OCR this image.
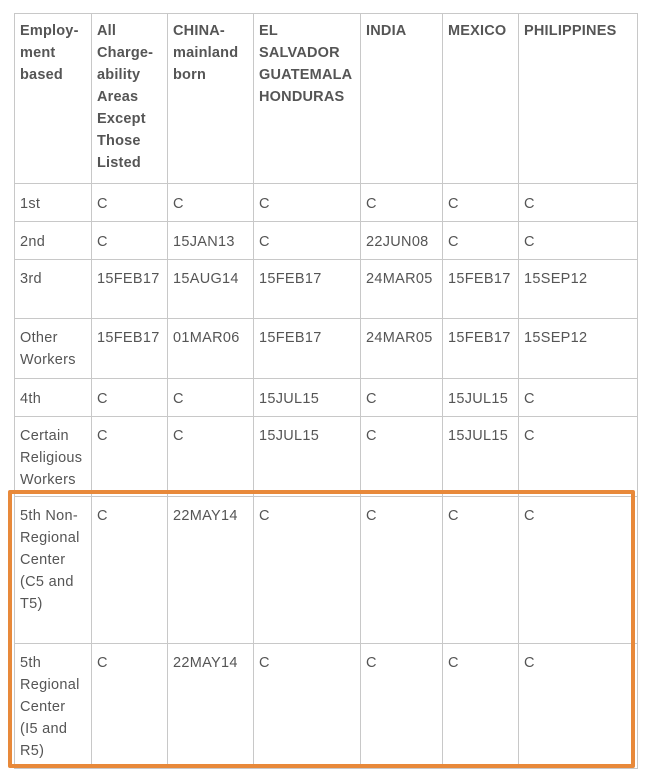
Employ-ment based	All Charge-ability Areas Except Those Listed	CHINA-mainland born	EL SALVADOR GUATEMALA HONDURAS	INDIA	MEXICO	PHILIPPINES
1st	C	C	C	C	C	C
2nd	C	15JAN13	C	22JUN08	C	C
3rd	15FEB17	15AUG14	15FEB17	24MAR05	15FEB17	15SEP12
Other Workers	15FEB17	01MAR06	15FEB17	24MAR05	15FEB17	15SEP12
4th	C	C	15JUL15	C	15JUL15	C
Certain Religious Workers	C	C	15JUL15	C	15JUL15	C
5th Non-Regional Center (C5 and T5)	C	22MAY14	C	C	C	C
5th Regional Center (I5 and R5)	C	22MAY14	C	C	C	C
